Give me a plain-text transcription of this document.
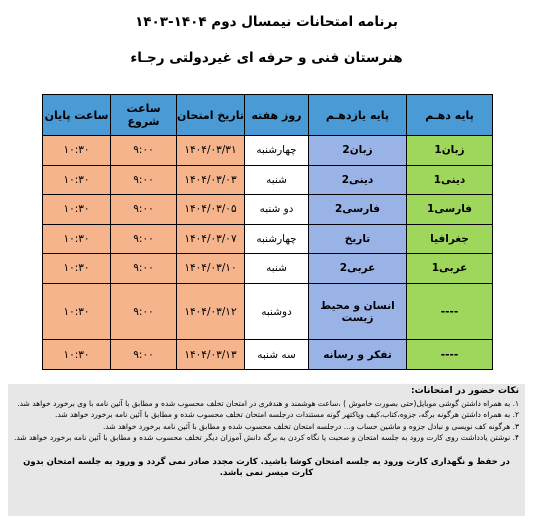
برنامه امتحانات نیمسال دوم ۱۴۰۴-۱۴۰۳
هنرستان فنی و حرفه ای غیردولتی رجـاء
پایه دهـم	پایه یازدهـم	روز هفته	تاریخ امتحان	ساعت شروع	ساعت پایان
زبان1	زبان2	چهارشنبه	۱۴۰۴/۰۳/۳۱	۹:۰۰	۱۰:۳۰
دینی1	دینی2	شنبه	۱۴۰۴/۰۳/۰۳	۹:۰۰	۱۰:۳۰
فارسی1	فارسی2	دو شنبه	۱۴۰۴/۰۳/۰۵	۹:۰۰	۱۰:۳۰
جغرافیا	تاریخ	چهارشنبه	۱۴۰۴/۰۳/۰۷	۹:۰۰	۱۰:۳۰
عربی1	عربی2	شنبه	۱۴۰۴/۰۳/۱۰	۹:۰۰	۱۰:۳۰
----	انسان و محیط زیست	دوشنبه	۱۴۰۴/۰۳/۱۲	۹:۰۰	۱۰:۳۰
----	تفکر و رسانه	سه شنبه	۱۴۰۴/۰۳/۱۳	۹:۰۰	۱۰:۳۰
نکات حضور در امتحانات:
۱. به همراه داشتن گوشی موبایل(حتی بصورت خاموش ) ،ساعت هوشمند و هندفری در امتحان تخلف محسوب شده و مطابق با آئین نامه با وی برخورد خواهد شد.
۲. به همراه داشتن هرگونه برگه، جزوه،کتاب،کیف وپاکتهر گونه مستندات درجلسه امتحان تخلف محسوب شده و مطابق با آئین نامه برخورد خواهد شد.
۳. هرگونه کف نویسی و نبادل جزوه و ماشین حساب و... درجلسه امتحان تخلف محسوب شده و مطابق با آئین نامه برخورد خواهد شد.
۴. نوشتن یادداشت روی کارت ورود به جلسه امتحان و صحبت یا نگاه کردن به برگه دانش آموزان دیگر تخلف محسوب شده و مطابق با آئین نامه برخورد خواهد شد.
در حفظ و نگهداری کارت ورود به جلسه امتحان کوشا باشید. کارت مجدد صادر نمی گردد و ورود به جلسه امتحان بدون کارت میسر نمی باشد.
